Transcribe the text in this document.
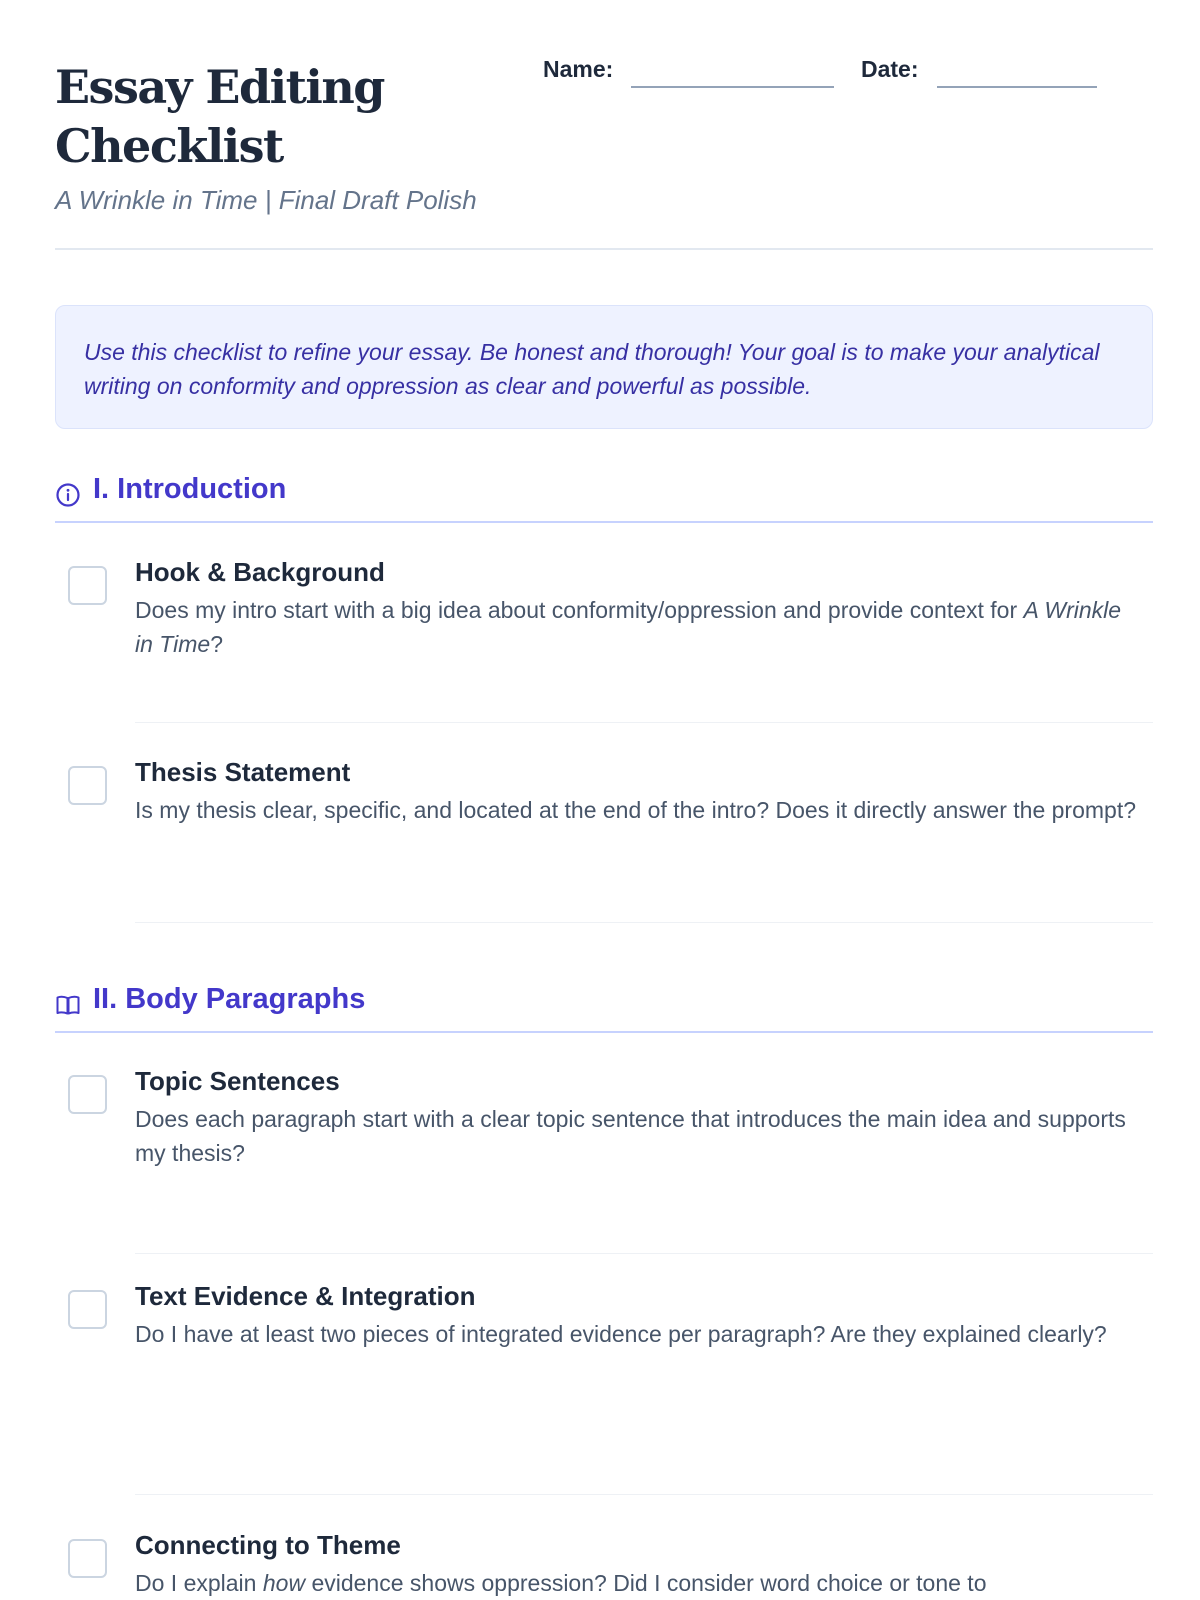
Essay Editing Checklist
A Wrinkle in Time | Final Draft Polish
Name:	Date:
Use this checklist to refine your essay. Be honest and thorough! Your goal is to make your analytical writing on conformity and oppression as clear and powerful as possible.
I. Introduction
Hook & Background
Does my intro start with a big idea about conformity/oppression and provide context for A Wrinkle in Time?
Thesis Statement
Is my thesis clear, specific, and located at the end of the intro? Does it directly answer the prompt?
II. Body Paragraphs
Topic Sentences
Does each paragraph start with a clear topic sentence that introduces the main idea and supports my thesis?
Text Evidence & Integration
Do I have at least two pieces of integrated evidence per paragraph? Are they explained clearly?
Connecting to Theme
Do I explain how evidence shows oppression? Did I consider word choice or tone to
